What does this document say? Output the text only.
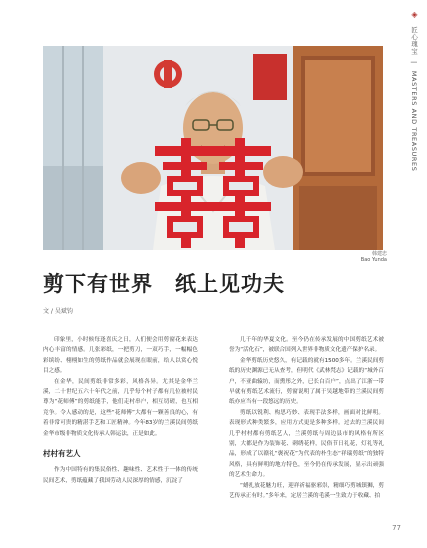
◈ 匠心瑰宝 | MASTERS AND TREASURES
韩建忠
Bao Yunda
剪下有世界　纸上见功夫
文 / 吴斌钧

印象里，小时候每逢喜庆之日，人们便会用剪窗花来表达内心丰富的情感。几张彩纸，一把剪刀，一双巧手，一幅幅色彩缤纷、栩栩如生的剪纸作品就会展现在眼前，给人以赏心悦目之感。

在金华，民间剪纸非常多彩，风格各异。尤其是金华兰溪，二十世纪五六十年代之前，几乎每个村子都有几位被村民尊为“花师傅”的剪纸能手，他们走村串户，相互切磋，也互相竞争。令人感动的是，这些“花师傅”大都有一颗善良的心，有着非常可贵的精湛手艺和工匠精神。今年83岁的兰溪民间剪纸金华市级非物质文化传承人韩运法，正是如此。

村村有艺人

作为中国特有的集民俗性、趣味性、艺术性于一体的传统民间艺术，剪纸蕴藏了我国劳动人民深厚的情感，沉淀了

几千年的华夏文化。至今仍在传承发展的中国剪纸艺术被誉为“活化石”，被联合国列入世界非物质文化遗产保护名录。

金华剪纸历史悠久，有记载的就有1500多年。兰溪民间剪纸的历史渊源已无从查考，但明代《武林梵志》记载的“城外百户，不亚曲辕坊，而熏彤之外，已长白百户”，点出了江浙一带早就有剪纸艺术流行，剪窗说明了属于吴越地带的兰溪民间剪纸亦应当有一段悠远的历史。

剪纸以锐利、构思巧妙、表现手法多样，画面对比鲜明。表现形式种类繁多，应用方式更是多种多样。过去的兰溪民间几乎村村都有剪纸艺人，兰溪剪纸与周边县市的风格有所区别，大都是作为装饰花、刺绣花样，民俗节日礼花，灯礼等礼品，形成了以赣礼“褒祝花”为代表的朴生态“祥瑞剪纸”的独特风格，具有鲜明的地方特色，至今仍在传承发展，显示出顽强的艺术生命力。

“蜡扎放花魅力旺，迎祥祈福驱邪祟，精细巧剪城镇狮，剪艺传承正有时。”多年来，定居兰溪的毛溪一生致力于收藏、拍

77
